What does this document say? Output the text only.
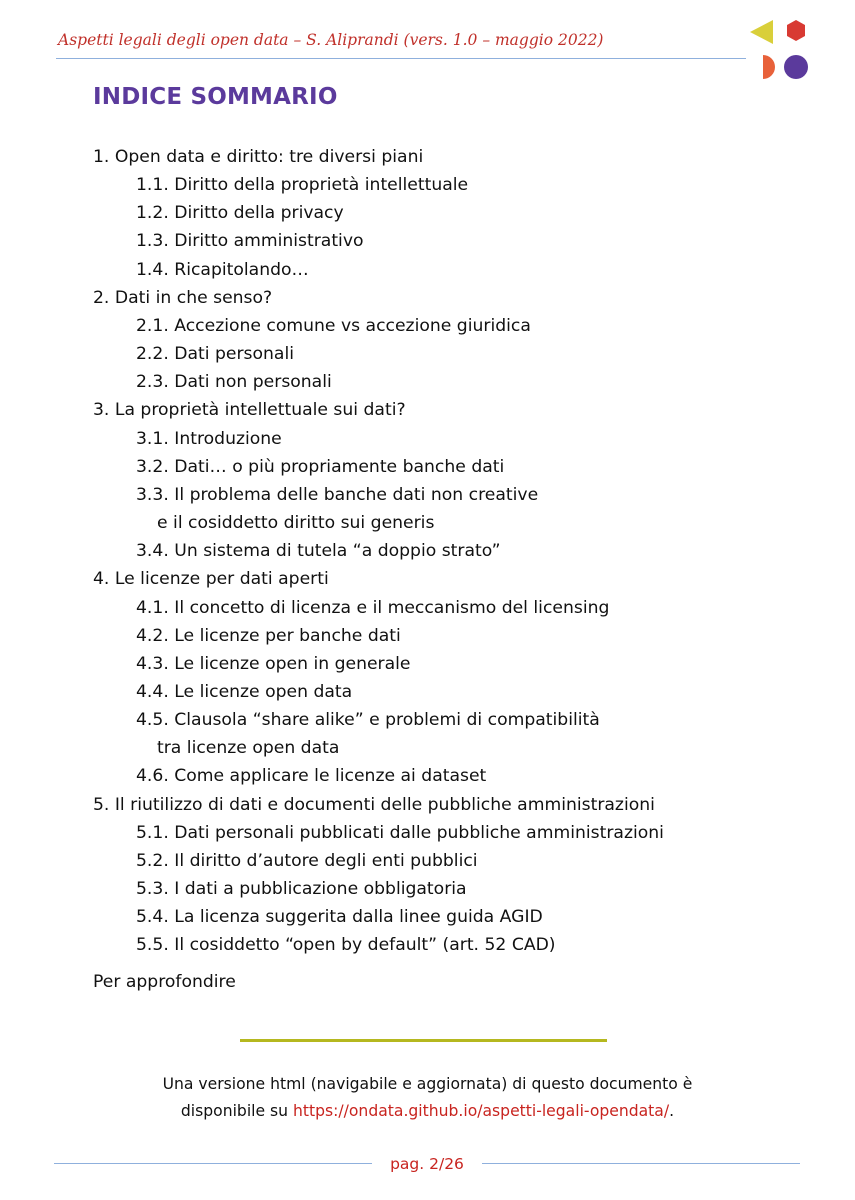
Aspetti legali degli open data – S. Aliprandi (vers. 1.0 – maggio 2022)
INDICE SOMMARIO
1. Open data e diritto: tre diversi piani
1.1. Diritto della proprietà intellettuale
1.2. Diritto della privacy
1.3. Diritto amministrativo
1.4. Ricapitolando…
2. Dati in che senso?
2.1. Accezione comune vs accezione giuridica
2.2. Dati personali
2.3. Dati non personali
3. La proprietà intellettuale sui dati?
3.1. Introduzione
3.2. Dati… o più propriamente banche dati
3.3. Il problema delle banche dati non creative
e il cosiddetto diritto sui generis
3.4. Un sistema di tutela “a doppio strato”
4. Le licenze per dati aperti
4.1. Il concetto di licenza e il meccanismo del licensing
4.2. Le licenze per banche dati
4.3. Le licenze open in generale
4.4. Le licenze open data
4.5. Clausola “share alike” e problemi di compatibilità
tra licenze open data
4.6. Come applicare le licenze ai dataset
5. Il riutilizzo di dati e documenti delle pubbliche amministrazioni
5.1. Dati personali pubblicati dalle pubbliche amministrazioni
5.2. Il diritto d’autore degli enti pubblici
5.3. I dati a pubblicazione obbligatoria
5.4. La licenza suggerita dalla linee guida AGID
5.5. Il cosiddetto “open by default” (art. 52 CAD)
Per approfondire
Una versione html (navigabile e aggiornata) di questo documento è
disponibile su https://ondata.github.io/aspetti-legali-opendata/.
pag. 2/26
